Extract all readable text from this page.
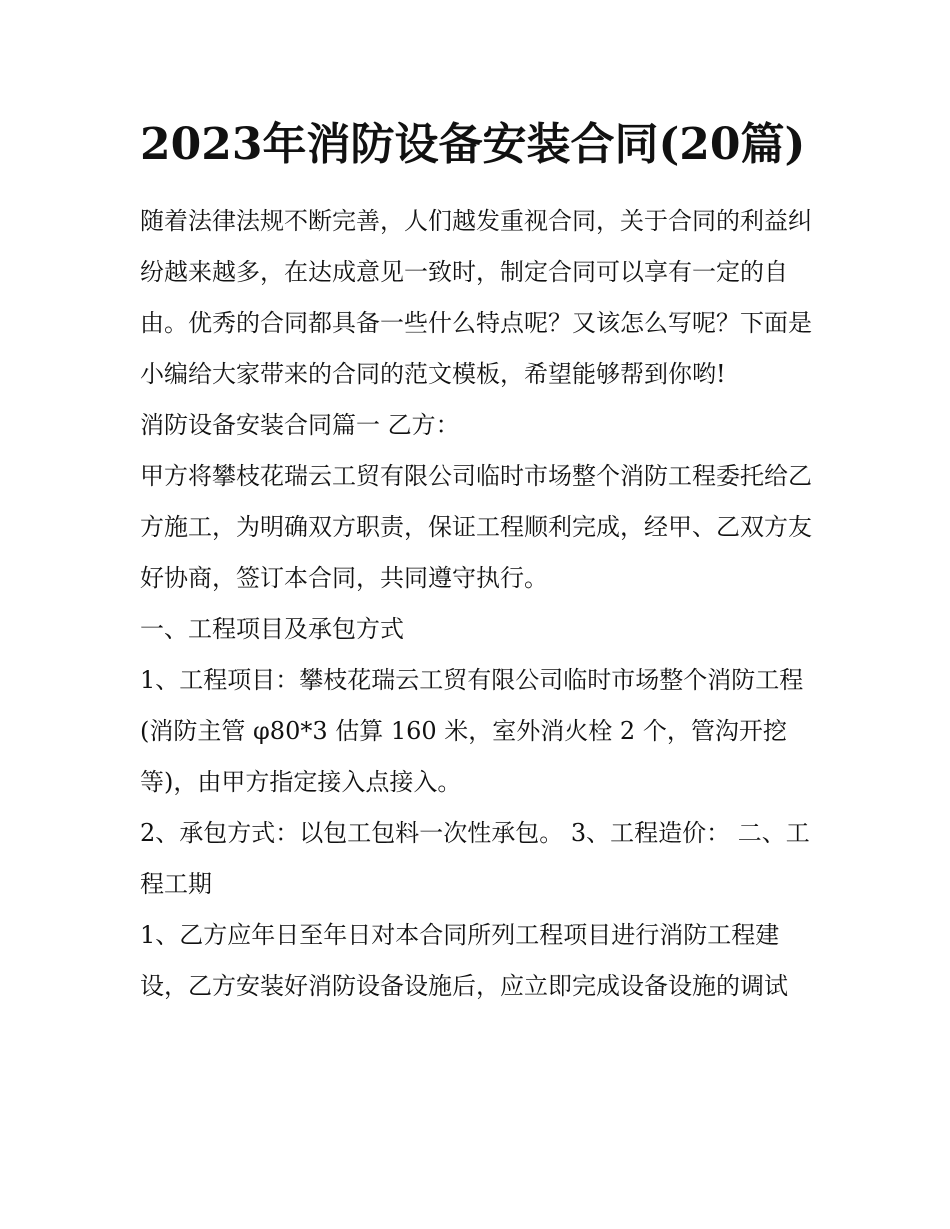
2023年消防设备安装合同(20篇)

随着法律法规不断完善，人们越发重视合同，关于合同的利益纠纷越来越多，在达成意见一致时，制定合同可以享有一定的自由。优秀的合同都具备一些什么特点呢？又该怎么写呢？下面是小编给大家带来的合同的范文模板，希望能够帮到你哟!

消防设备安装合同篇一 乙方：

甲方将攀枝花瑞云工贸有限公司临时市场整个消防工程委托给乙方施工，为明确双方职责，保证工程顺利完成，经甲、乙双方友好协商，签订本合同，共同遵守执行。

一、工程项目及承包方式

1、工程项目：攀枝花瑞云工贸有限公司临时市场整个消防工程(消防主管 φ80*3 估算 160 米，室外消火栓 2 个，管沟开挖等)，由甲方指定接入点接入。

2、承包方式：以包工包料一次性承包。 3、工程造价： 二、工程工期

1、乙方应年日至年日对本合同所列工程项目进行消防工程建设，乙方安装好消防设备设施后，应立即完成设备设施的调试
